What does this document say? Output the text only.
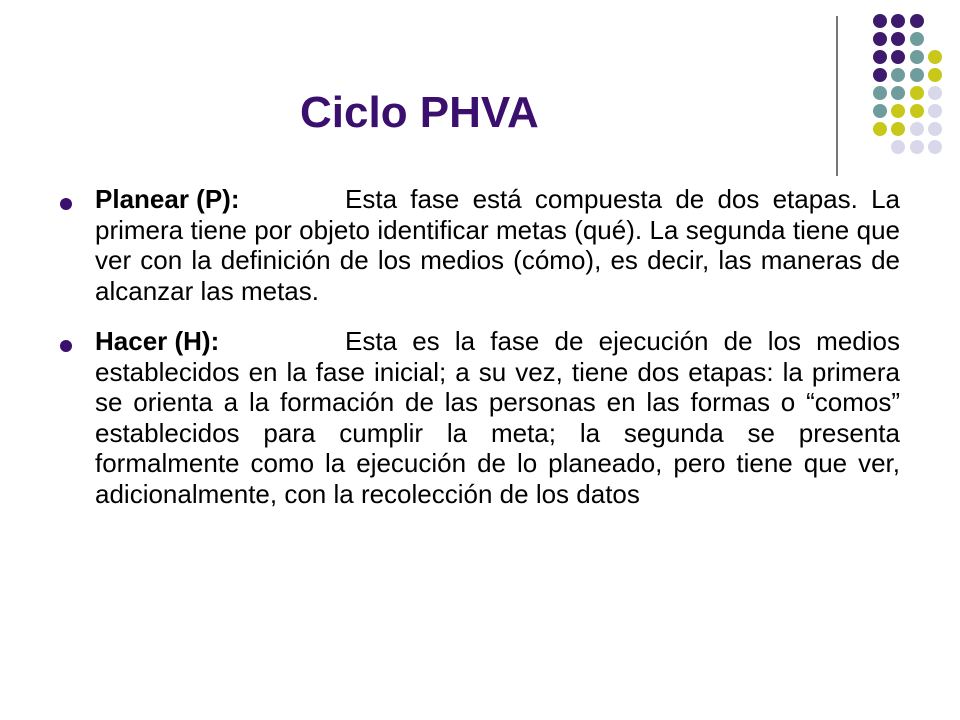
Ciclo PHVA
Planear (P):	Esta fase está compuesta de dos etapas. La primera tiene por objeto identificar metas (qué). La segunda tiene que ver con la definición de los medios (cómo), es decir, las maneras de alcanzar las metas.
Hacer (H):	Esta es la fase de ejecución de los medios establecidos en la fase inicial; a su vez, tiene dos etapas: la primera se orienta a la formación de las personas en las formas o “comos” establecidos para cumplir la meta; la segunda se presenta formalmente como la ejecución de lo planeado, pero tiene que ver, adicionalmente, con la recolección de los datos
